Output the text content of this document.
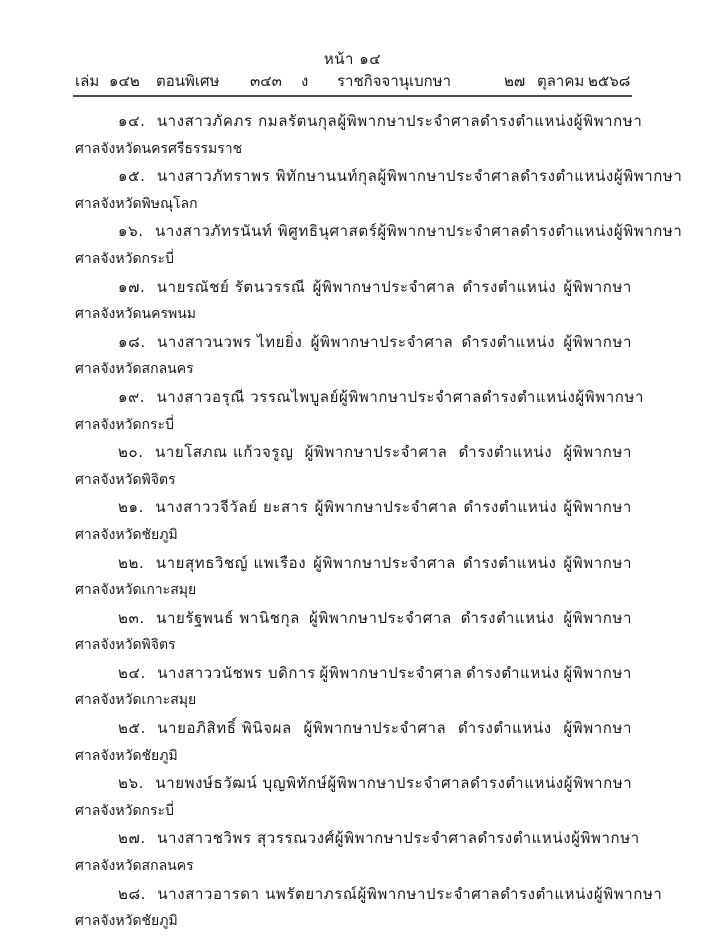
หน้า ๑๔
เล่ม ๑๔๒ ตอนพิเศษ ๓๔๓ ง ราชกิจจานุเบกษา	๒๗ ตุลาคม ๒๕๖๘
๑๔. นางสาวภัคภร กมลรัตนกุล ผู้พิพากษาประจำศาล ดำรงตำแหน่ง ผู้พิพากษา
ศาลจังหวัดนครศรีธรรมราช
๑๕. นางสาวภัทราพร พิทักษานนท์กุล ผู้พิพากษาประจำศาล ดำรงตำแหน่ง ผู้พิพากษา
ศาลจังหวัดพิษณุโลก
๑๖. นางสาวภัทรนันท์ พิศูทธินุศาสตร์ ผู้พิพากษาประจำศาล ดำรงตำแหน่ง ผู้พิพากษา
ศาลจังหวัดกระบี่
๑๗. นายรณัชย์ รัตนวรรณี ผู้พิพากษาประจำศาล ดำรงตำแหน่ง ผู้พิพากษา
ศาลจังหวัดนครพนม
๑๘. นางสาวนวพร ไทยยิ่ง ผู้พิพากษาประจำศาล ดำรงตำแหน่ง ผู้พิพากษา
ศาลจังหวัดสกลนคร
๑๙. นางสาวอรุณี วรรณไพบูลย์ ผู้พิพากษาประจำศาล ดำรงตำแหน่ง ผู้พิพากษา
ศาลจังหวัดกระบี่
๒๐. นายโสภณ แก้วจรูญ ผู้พิพากษาประจำศาล ดำรงตำแหน่ง ผู้พิพากษา
ศาลจังหวัดพิจิตร
๒๑. นางสาววจีวัลย์ ยะสาร ผู้พิพากษาประจำศาล ดำรงตำแหน่ง ผู้พิพากษา
ศาลจังหวัดชัยภูมิ
๒๒. นายสุทธวิชญ์ แพเรือง ผู้พิพากษาประจำศาล ดำรงตำแหน่ง ผู้พิพากษา
ศาลจังหวัดเกาะสมุย
๒๓. นายรัฐพนธ์ พานิชกุล ผู้พิพากษาประจำศาล ดำรงตำแหน่ง ผู้พิพากษา
ศาลจังหวัดพิจิตร
๒๔. นางสาววนัชพร บดิการ ผู้พิพากษาประจำศาล ดำรงตำแหน่ง ผู้พิพากษา
ศาลจังหวัดเกาะสมุย
๒๕. นายอภิสิทธิ์ พินิจผล ผู้พิพากษาประจำศาล ดำรงตำแหน่ง ผู้พิพากษา
ศาลจังหวัดชัยภูมิ
๒๖. นายพงษ์ธวัฒน์ บุญพิทักษ์ ผู้พิพากษาประจำศาล ดำรงตำแหน่ง ผู้พิพากษา
ศาลจังหวัดกระบี่
๒๗. นางสาวชวิพร สุวรรณวงศ์ ผู้พิพากษาประจำศาล ดำรงตำแหน่ง ผู้พิพากษา
ศาลจังหวัดสกลนคร
๒๘. นางสาวอารดา นพรัตยาภรณ์ ผู้พิพากษาประจำศาล ดำรงตำแหน่ง ผู้พิพากษา
ศาลจังหวัดชัยภูมิ
